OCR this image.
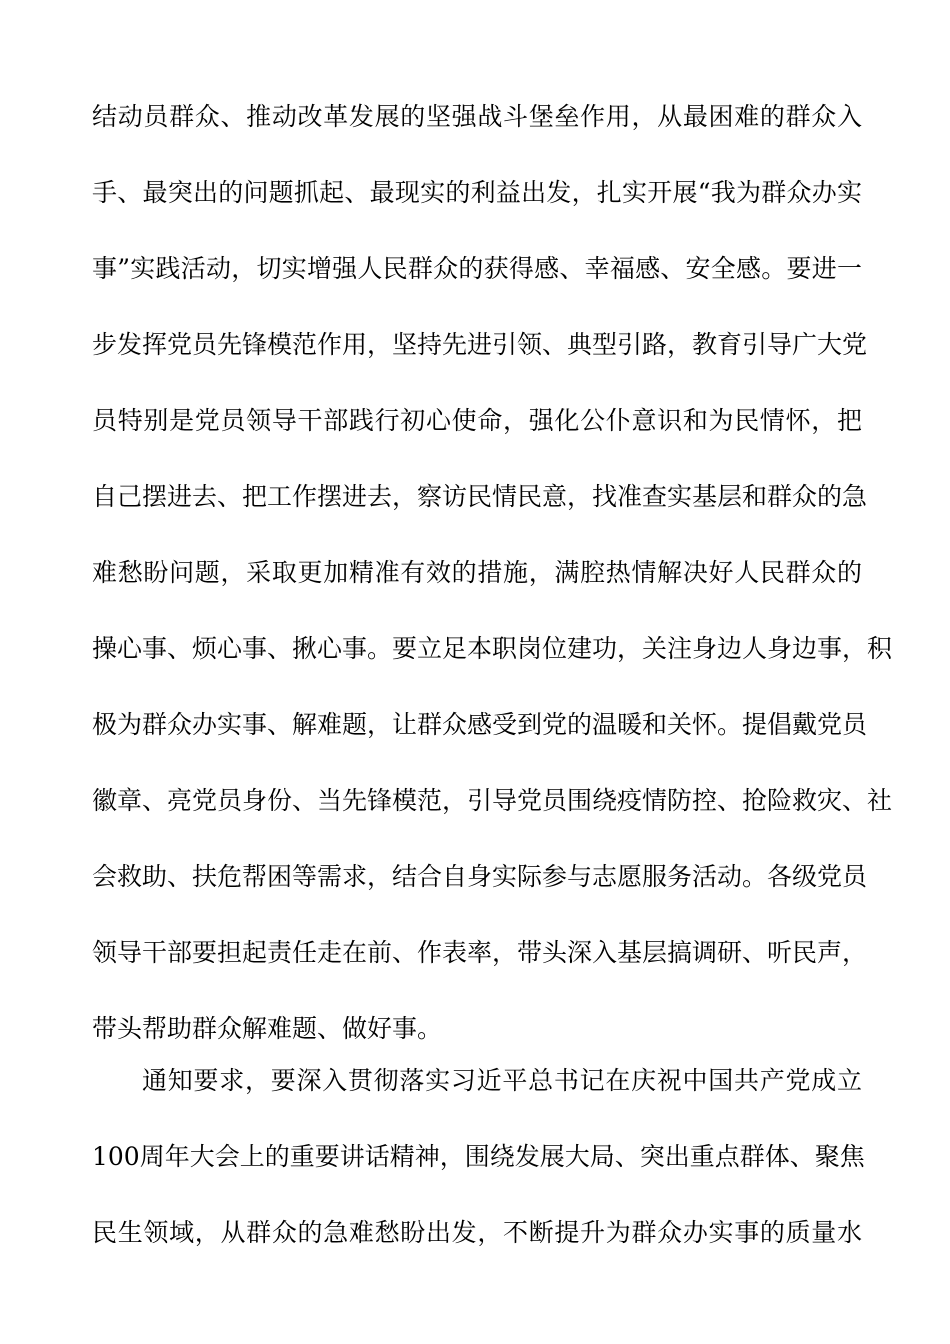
结动员群众、推动改革发展的坚强战斗堡垒作用，从最困难的群众入
手、最突出的问题抓起、最现实的利益出发，扎实开展“我为群众办实
事”实践活动，切实增强人民群众的获得感、幸福感、安全感。要进一
步发挥党员先锋模范作用，坚持先进引领、典型引路，教育引导广大党
员特别是党员领导干部践行初心使命，强化公仆意识和为民情怀，把
自己摆进去、把工作摆进去，察访民情民意，找准查实基层和群众的急
难愁盼问题，采取更加精准有效的措施，满腔热情解决好人民群众的
操心事、烦心事、揪心事。要立足本职岗位建功，关注身边人身边事，积
极为群众办实事、解难题，让群众感受到党的温暖和关怀。提倡戴党员
徽章、亮党员身份、当先锋模范，引导党员围绕疫情防控、抢险救灾、社
会救助、扶危帮困等需求，结合自身实际参与志愿服务活动。各级党员
领导干部要担起责任走在前、作表率，带头深入基层搞调研、听民声，
带头帮助群众解难题、做好事。
通知要求，要深入贯彻落实习近平总书记在庆祝中国共产党成立
100周年大会上的重要讲话精神，围绕发展大局、突出重点群体、聚焦
民生领域，从群众的急难愁盼出发，不断提升为群众办实事的质量水
